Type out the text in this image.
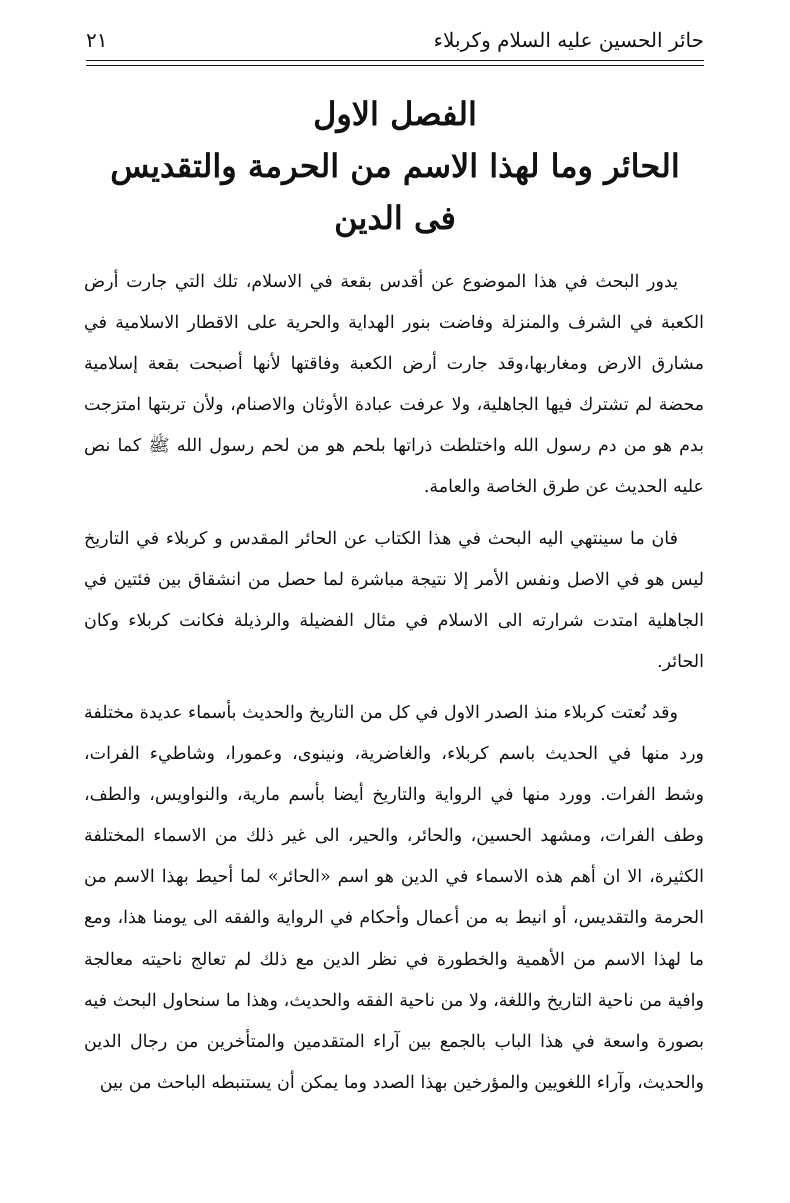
حائر الحسين عليه السلام وكربلاء
٢١
الفصل الاول
الحائر وما لهذا الاسم من الحرمة والتقديس
فى الدين

يدور البحث في هذا الموضوع عن أقدس بقعة في الاسلام، تلك التي جارت أرض الكعبة في الشرف والمنزلة وفاضت بنور الهداية والحرية على الاقطار الاسلامية في مشارق الارض ومغاربها،وقد جارت أرض الكعبة وفاقتها لأنها أصبحت بقعة إسلامية محضة لم تشترك فيها الجاهلية، ولا عرفت عبادة الأوثان والاصنام، ولأن تربتها امتزجت بدم هو من دم رسول الله واختلطت ذراتها بلحم هو من لحم رسول الله ﷺ كما نص عليه الحديث عن طرق الخاصة والعامة.

فان ما سينتهي اليه البحث في هذا الكتاب عن الحائر المقدس و كربلاء في التاريخ ليس هو في الاصل ونفس الأمر إلا نتيجة مباشرة لما حصل من انشقاق بين فئتين في الجاهلية امتدت شرارته الى الاسلام في مثال الفضيلة والرذيلة فكانت كربلاء وكان الحائر.

وقد نُعتت كربلاء منذ الصدر الاول في كل من التاريخ والحديث بأسماء عديدة مختلفة ورد منها في الحديث باسم كربلاء، والغاضرية، ونينوى، وعمورا، وشاطيء الفرات، وشط الفرات. وورد منها في الرواية والتاريخ أيضا بأسم مارية، والنواويس، والطف، وطف الفرات، ومشهد الحسين، والحائر، والحير، الى غير ذلك من الاسماء المختلفة الكثيرة، الا ان أهم هذه الاسماء في الدين هو اسم «الحائر» لما أحيط بهذا الاسم من الحرمة والتقديس، أو انيط به من أعمال وأحكام في الرواية والفقه الى يومنا هذا، ومع ما لهذا الاسم من الأهمية والخطورة في نظر الدين مع ذلك لم تعالج ناحيته معالجة وافية من ناحية التاريخ واللغة، ولا من ناحية الفقه والحديث، وهذا ما سنحاول البحث فيه بصورة واسعة في هذا الباب بالجمع بين آراء المتقدمين والمتأخرين من رجال الدين والحديث، وآراء اللغويين والمؤرخين بهذا الصدد وما يمكن أن يستنبطه الباحث من بين
